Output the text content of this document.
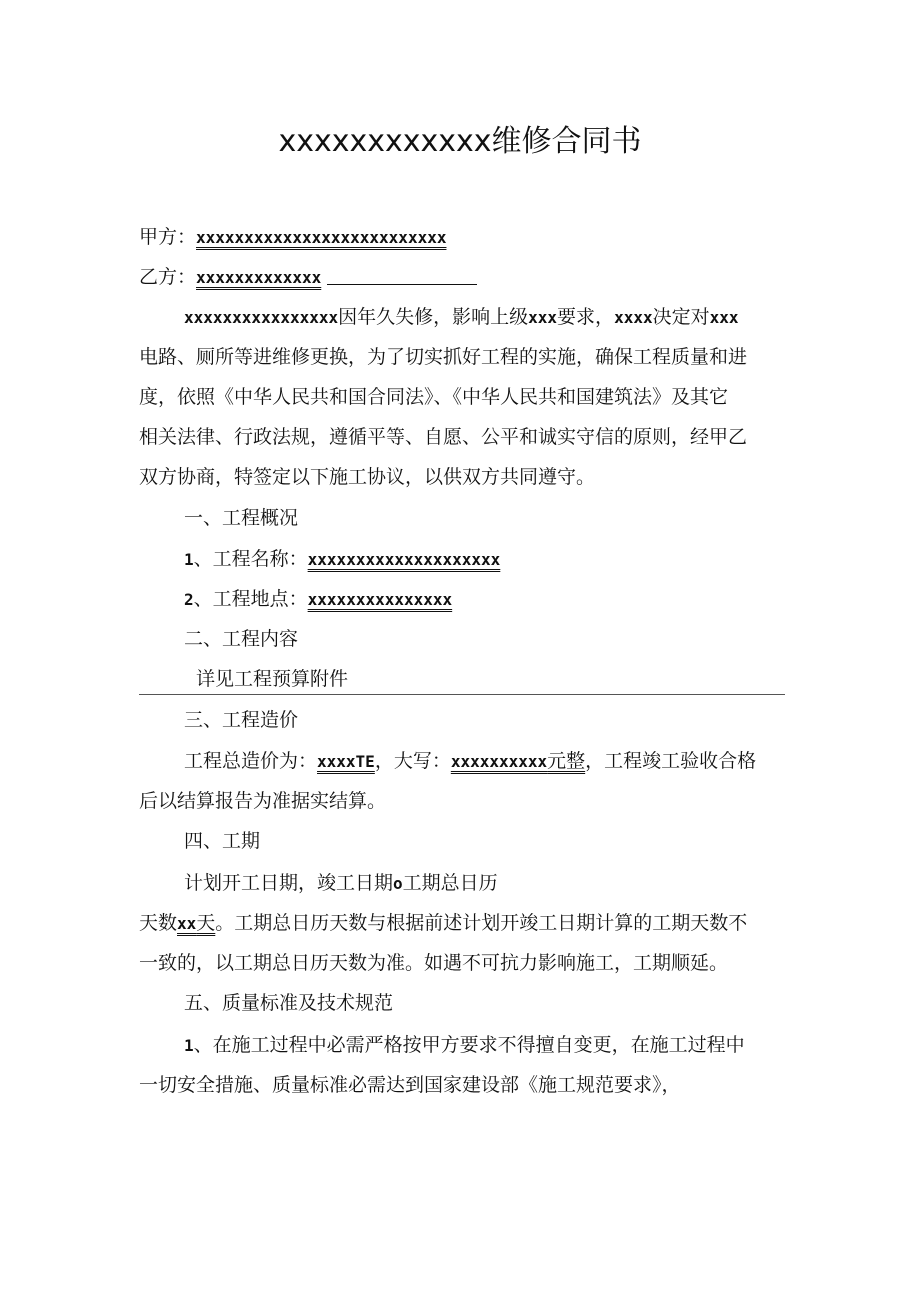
xxxxxxxxxxxx维修合同书
甲方：xxxxxxxxxxxxxxxxxxxxxxxxxx
乙方：xxxxxxxxxxxxx
xxxxxxxxxxxxxxxx因年久失修，影响上级xxx要求，xxxx决定对xxx
电路、厕所等进维修更换，为了切实抓好工程的实施，确保工程质量和进
度，依照《中华人民共和国合同法》、《中华人民共和国建筑法》及其它
相关法律、行政法规，遵循平等、自愿、公平和诚实守信的原则，经甲乙
双方协商，特签定以下施工协议，以供双方共同遵守。
一、工程概况
1、工程名称：xxxxxxxxxxxxxxxxxxxx
2、工程地点：xxxxxxxxxxxxxxx
二、工程内容
详见工程预算附件
三、工程造价
工程总造价为：xxxxTE，大写：xxxxxxxxxx元整，工程竣工验收合格
后以结算报告为准据实结算。
四、工期
计划开工日期，竣工日期o工期总日历
天数xx天。工期总日历天数与根据前述计划开竣工日期计算的工期天数不
一致的，以工期总日历天数为准。如遇不可抗力影响施工，工期顺延。
五、质量标准及技术规范
1、在施工过程中必需严格按甲方要求不得擅自变更，在施工过程中
一切安全措施、质量标准必需达到国家建设部《施工规范要求》，
